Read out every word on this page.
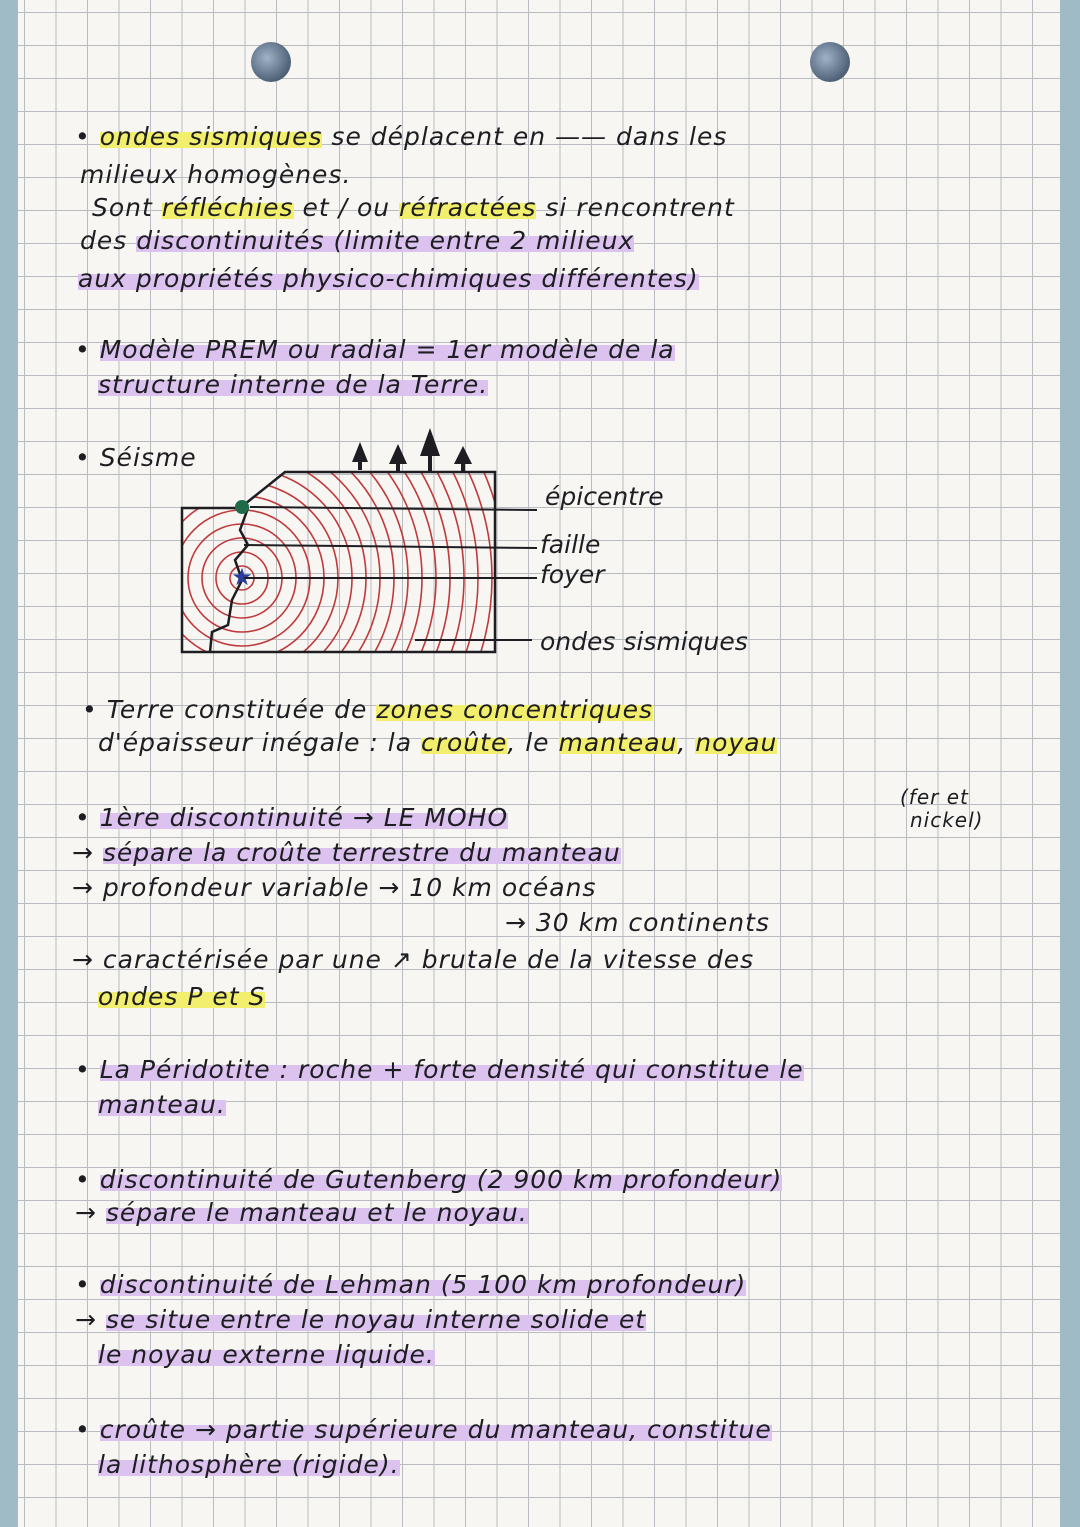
• ondes sismiques se déplacent en —— dans les
milieux homogènes.
Sont réfléchies et / ou réfractées si rencontrent
des discontinuités (limite entre 2 milieux
aux propriétés physico-chimiques différentes)
• Modèle PREM ou radial = 1er modèle de la
structure interne de la Terre.
• Séisme
• Terre constituée de zones concentriques
d'épaisseur inégale : la croûte, le manteau, noyau
(fer et
nickel)
• 1ère discontinuité → LE MOHO
→ sépare la croûte terrestre du manteau
→ profondeur variable → 10 km océans
→ 30 km continents
→ caractérisée par une ↗ brutale de la vitesse des
ondes P et S
• La Péridotite : roche + forte densité qui constitue le
manteau.
• discontinuité de Gutenberg (2 900 km profondeur)
→ sépare le manteau et le noyau.
• discontinuité de Lehman (5 100 km profondeur)
→ se situe entre le noyau interne solide et
le noyau externe liquide.
• croûte → partie supérieure du manteau, constitue
la lithosphère (rigide).
★
épicentre
faille
foyer
ondes sismiques
